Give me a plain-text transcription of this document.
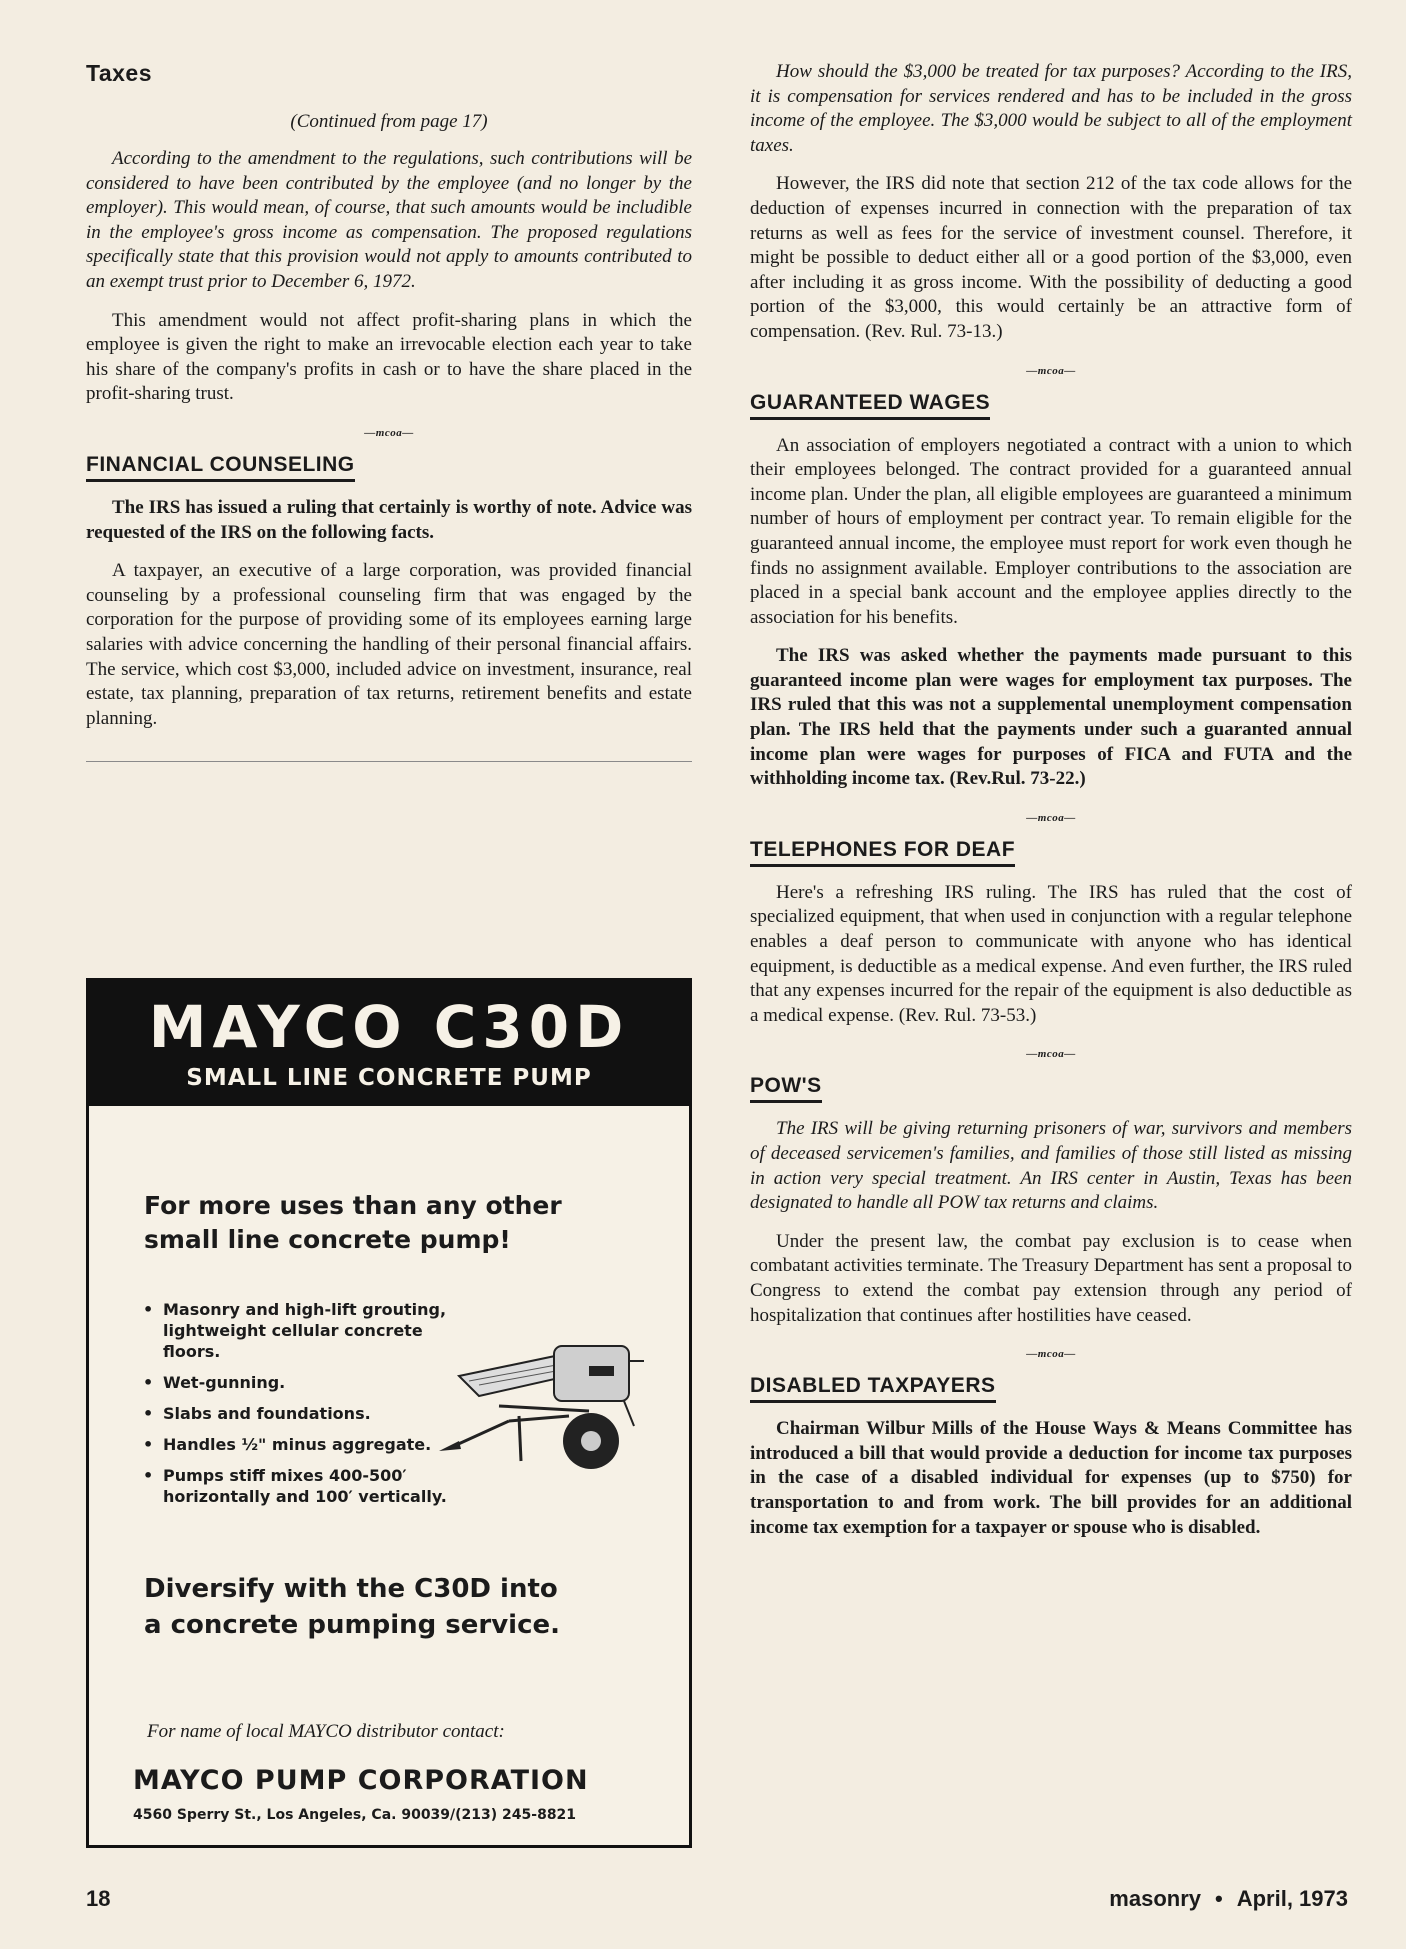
Taxes
(Continued from page 17)

According to the amendment to the regulations, such contributions will be considered to have been contributed by the employee (and no longer by the employer). This would mean, of course, that such amounts would be includible in the employee's gross income as compensation. The proposed regulations specifically state that this provision would not apply to amounts contributed to an exempt trust prior to December 6, 1972.

This amendment would not affect profit-sharing plans in which the employee is given the right to make an irrevocable election each year to take his share of the company's profits in cash or to have the share placed in the profit-sharing trust.

—mcoa—
FINANCIAL COUNSELING

The IRS has issued a ruling that certainly is worthy of note. Advice was requested of the IRS on the following facts.

A taxpayer, an executive of a large corporation, was provided financial counseling by a professional counseling firm that was engaged by the corporation for the purpose of providing some of its employees earning large salaries with advice concerning the handling of their personal financial affairs. The service, which cost $3,000, included advice on investment, insurance, real estate, tax planning, preparation of tax returns, retirement benefits and estate planning.

MAYCO C30D
SMALL LINE CONCRETE PUMP
For more uses than any other small line concrete pump!
• Masonry and high-lift grouting, lightweight cellular concrete floors.
• Wet-gunning.
• Slabs and foundations.
• Handles ½" minus aggregate.
• Pumps stiff mixes 400-500′ horizontally and 100′ vertically.
Diversify with the C30D into a concrete pumping service.
For name of local MAYCO distributor contact:
MAYCO PUMP CORPORATION
4560 Sperry St., Los Angeles, Ca. 90039/(213) 245-8821

How should the $3,000 be treated for tax purposes? According to the IRS, it is compensation for services rendered and has to be included in the gross income of the employee. The $3,000 would be subject to all of the employment taxes.

However, the IRS did note that section 212 of the tax code allows for the deduction of expenses incurred in connection with the preparation of tax returns as well as fees for the service of investment counsel. Therefore, it might be possible to deduct either all or a good portion of the $3,000, even after including it as gross income. With the possibility of deducting a good portion of the $3,000, this would certainly be an attractive form of compensation. (Rev. Rul. 73-13.)

—mcoa—
GUARANTEED WAGES

An association of employers negotiated a contract with a union to which their employees belonged. The contract provided for a guaranteed annual income plan. Under the plan, all eligible employees are guaranteed a minimum number of hours of employment per contract year. To remain eligible for the guaranteed annual income, the employee must report for work even though he finds no assignment available. Employer contributions to the association are placed in a special bank account and the employee applies directly to the association for his benefits.

The IRS was asked whether the payments made pursuant to this guaranteed income plan were wages for employment tax purposes. The IRS ruled that this was not a supplemental unemployment compensation plan. The IRS held that the payments under such a guaranted annual income plan were wages for purposes of FICA and FUTA and the withholding income tax. (Rev.Rul. 73-22.)

—mcoa—
TELEPHONES FOR DEAF

Here's a refreshing IRS ruling. The IRS has ruled that the cost of specialized equipment, that when used in conjunction with a regular telephone enables a deaf person to communicate with anyone who has identical equipment, is deductible as a medical expense. And even further, the IRS ruled that any expenses incurred for the repair of the equipment is also deductible as a medical expense. (Rev. Rul. 73-53.)

—mcoa—
POW'S

The IRS will be giving returning prisoners of war, survivors and members of deceased servicemen's families, and families of those still listed as missing in action very special treatment. An IRS center in Austin, Texas has been designated to handle all POW tax returns and claims.

Under the present law, the combat pay exclusion is to cease when combatant activities terminate. The Treasury Department has sent a proposal to Congress to extend the combat pay extension through any period of hospitalization that continues after hostilities have ceased.

—mcoa—
DISABLED TAXPAYERS

Chairman Wilbur Mills of the House Ways & Means Committee has introduced a bill that would provide a deduction for income tax purposes in the case of a disabled individual for expenses (up to $750) for transportation to and from work. The bill provides for an additional income tax exemption for a taxpayer or spouse who is disabled.

18	masonry • April, 1973
